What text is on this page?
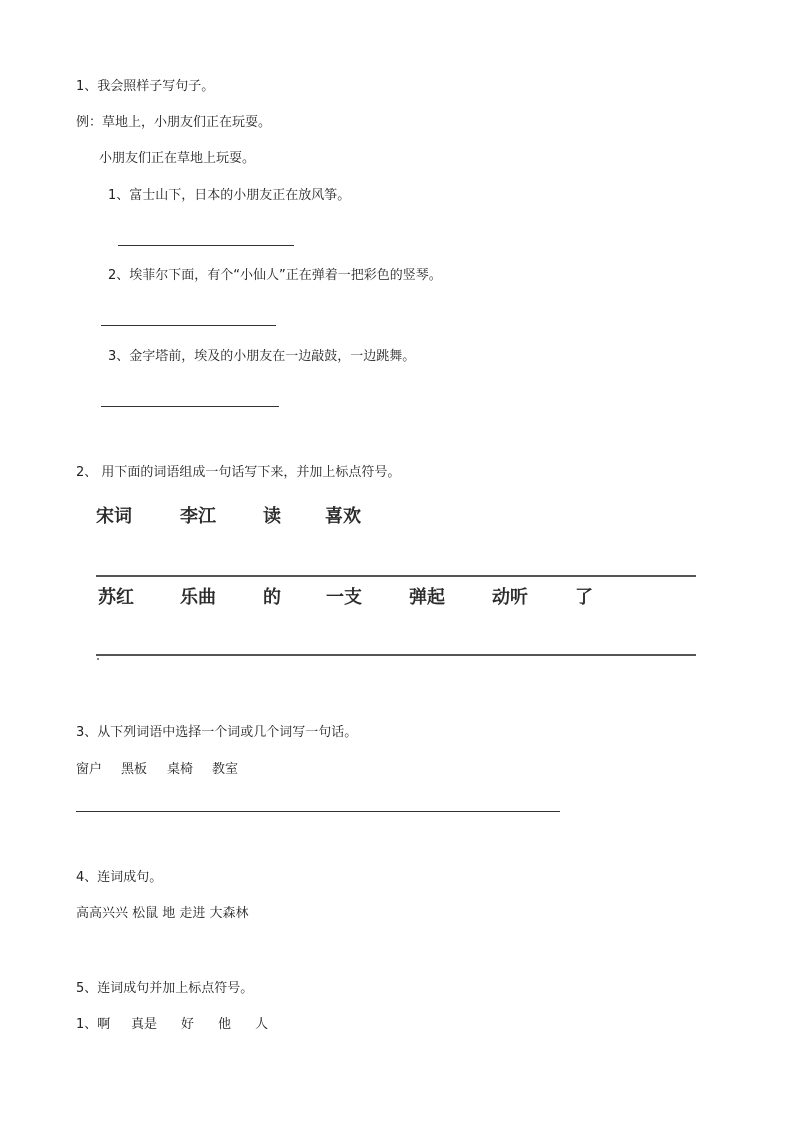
1、我会照样子写句子。
例：草地上，小朋友们正在玩耍。
小朋友们正在草地上玩耍。
1、富士山下，日本的小朋友正在放风筝。
2、埃菲尔下面，有个“小仙人”正在弹着一把彩色的竖琴。
3、金字塔前，埃及的小朋友在一边敲鼓，一边跳舞。
2、 用下面的词语组成一句话写下来，并加上标点符号。
宋词	李江	读 喜欢
苏红	乐曲	的	一支	弹起	动听	了
3、从下列词语中选择一个词或几个词写一句话。
窗户 黑板 桌椅 教室
4、连词成句。
高高兴兴 松鼠 地 走进 大森林
5、连词成句并加上标点符号。
1、啊 真是 好 他 人
